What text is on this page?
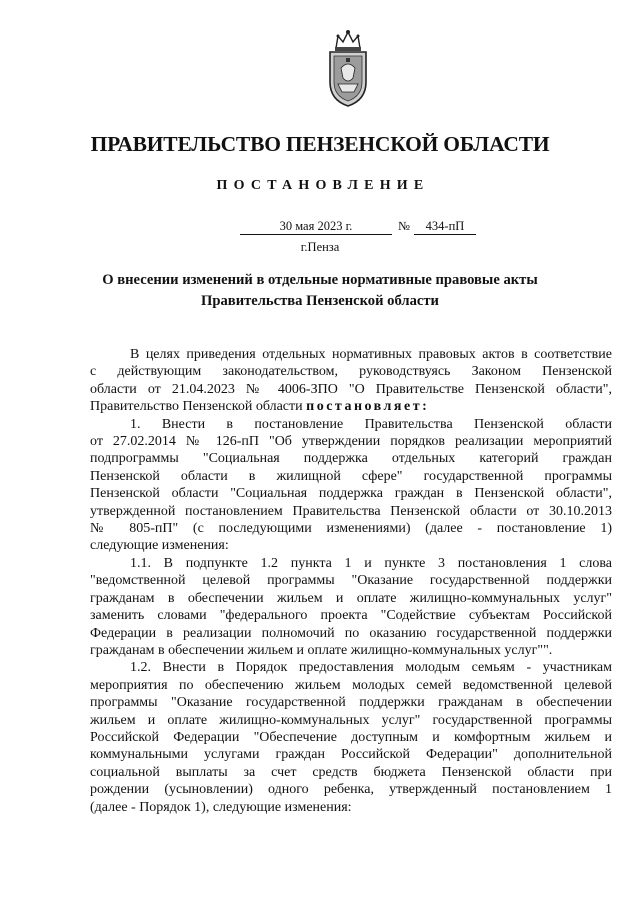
ПРАВИТЕЛЬСТВО ПЕНЗЕНСКОЙ ОБЛАСТИ
ПОСТАНОВЛЕНИЕ
30 мая 2023 г.	№	434-пП
г.Пенза
О внесении изменений в отдельные нормативные правовые акты
Правительства Пензенской области

В целях приведения отдельных нормативных правовых актов в соответствие

с действующим законодательством, руководствуясь Законом Пензенской

области от 21.04.2023 № 4006-ЗПО "О Правительстве Пензенской области",

Правительство Пензенской области постановляет:

1. Внести в постановление Правительства Пензенской области

от 27.02.2014 № 126-пП "Об утверждении порядков реализации мероприятий

подпрограммы "Социальная поддержка отдельных категорий граждан

Пензенской области в жилищной сфере" государственной программы

Пензенской области "Социальная поддержка граждан в Пензенской области",

утвержденной постановлением Правительства Пензенской области от 30.10.2013

№ 805-пП" (с последующими изменениями) (далее - постановление 1)

следующие изменения:

1.1. В подпункте 1.2 пункта 1 и пункте 3 постановления 1 слова

"ведомственной целевой программы "Оказание государственной поддержки

гражданам в обеспечении жильем и оплате жилищно-коммунальных услуг"

заменить словами "федерального проекта "Содействие субъектам Российской

Федерации в реализации полномочий по оказанию государственной поддержки

гражданам в обеспечении жильем и оплате жилищно-коммунальных услуг"".

1.2. Внести в Порядок предоставления молодым семьям - участникам

мероприятия по обеспечению жильем молодых семей ведомственной целевой

программы "Оказание государственной поддержки гражданам в обеспечении

жильем и оплате жилищно-коммунальных услуг" государственной программы

Российской Федерации "Обеспечение доступным и комфортным жильем и

коммунальными услугами граждан Российской Федерации" дополнительной

социальной выплаты за счет средств бюджета Пензенской области при

рождении (усыновлении) одного ребенка, утвержденный постановлением 1

(далее - Порядок 1), следующие изменения:
